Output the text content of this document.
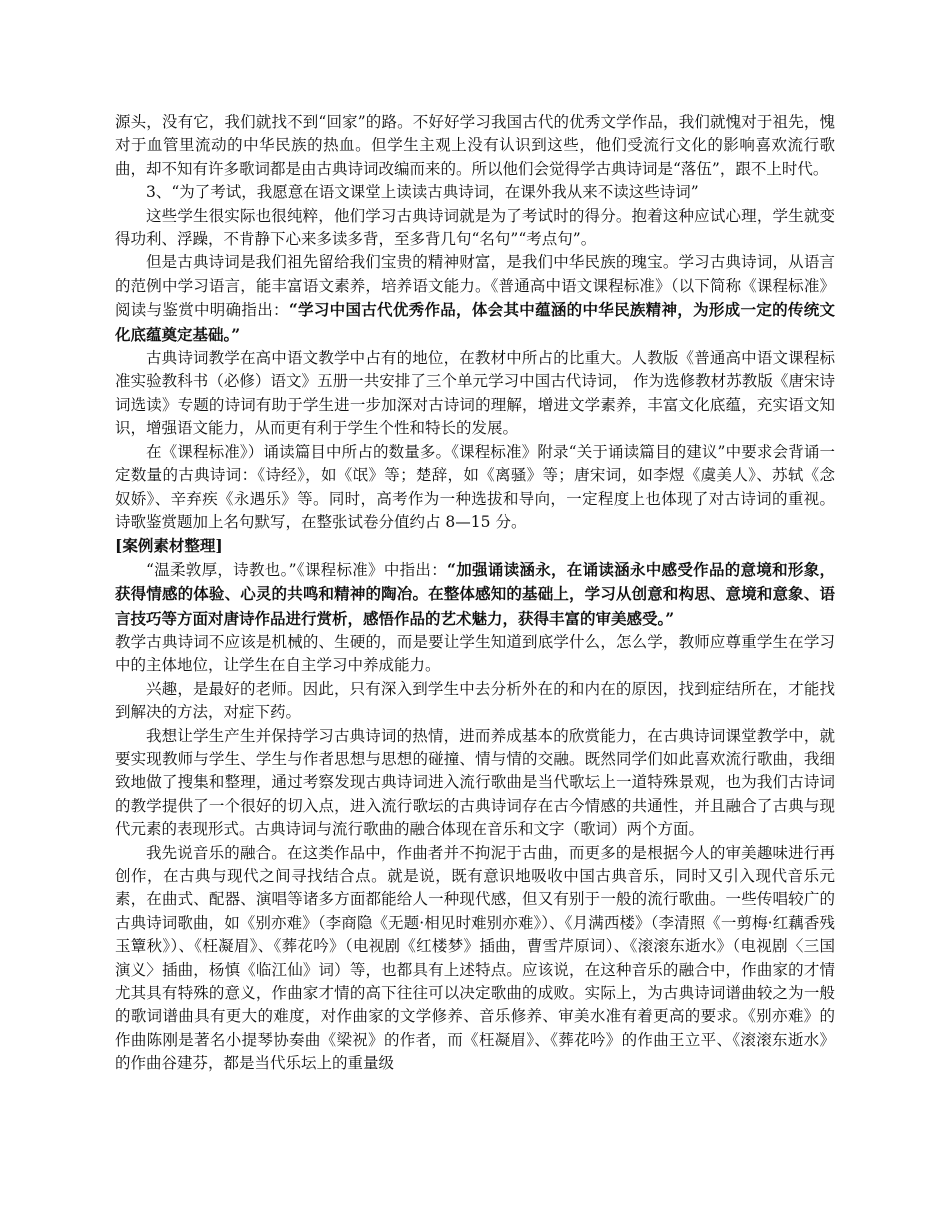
源头，没有它，我们就找不到“回家”的路。不好好学习我国古代的优秀文学作品，我们就愧对于祖先，愧对于血管里流动的中华民族的热血。但学生主观上没有认识到这些，他们受流行文化的影响喜欢流行歌曲，却不知有许多歌词都是由古典诗词改编而来的。所以他们会觉得学古典诗词是“落伍”，跟不上时代。

3、“为了考试，我愿意在语文课堂上读读古典诗词，在课外我从来不读这些诗词”

这些学生很实际也很纯粹，他们学习古典诗词就是为了考试时的得分。抱着这种应试心理，学生就变得功利、浮躁，不肯静下心来多读多背，至多背几句“名句”“考点句”。

但是古典诗词是我们祖先留给我们宝贵的精神财富，是我们中华民族的瑰宝。学习古典诗词，从语言的范例中学习语言，能丰富语文素养，培养语文能力。《普通高中语文课程标准》（以下简称《课程标准》阅读与鉴赏中明确指出：“学习中国古代优秀作品，体会其中蕴涵的中华民族精神，为形成一定的传统文化底蕴奠定基础。”

古典诗词教学在高中语文教学中占有的地位，在教材中所占的比重大。人教版《普通高中语文课程标准实验教科书（必修）语文》五册一共安排了三个单元学习中国古代诗词， 作为选修教材苏教版《唐宋诗词选读》专题的诗词有助于学生进一步加深对古诗词的理解，增进文学素养，丰富文化底蕴，充实语文知识，增强语文能力，从而更有利于学生个性和特长的发展。

在《课程标准》）诵读篇目中所占的数量多。《课程标准》附录“关于诵读篇目的建议”中要求会背诵一定数量的古典诗词：《诗经》，如《氓》等；楚辞，如《离骚》等；唐宋词，如李煜《虞美人》、苏轼《念奴娇》、辛弃疾《永遇乐》等。同时，高考作为一种选拔和导向，一定程度上也体现了对古诗词的重视。诗歌鉴赏题加上名句默写，在整张试卷分值约占 8—15 分。

[案例素材整理]

“温柔敦厚，诗教也。”《课程标准》中指出：“加强诵读涵永，在诵读涵永中感受作品的意境和形象，获得情感的体验、心灵的共鸣和精神的陶冶。在整体感知的基础上，学习从创意和构思、意境和意象、语言技巧等方面对唐诗作品进行赏析，感悟作品的艺术魅力，获得丰富的审美感受。”

教学古典诗词不应该是机械的、生硬的，而是要让学生知道到底学什么，怎么学，教师应尊重学生在学习中的主体地位，让学生在自主学习中养成能力。

兴趣，是最好的老师。因此，只有深入到学生中去分析外在的和内在的原因，找到症结所在，才能找到解决的方法，对症下药。

我想让学生产生并保持学习古典诗词的热情，进而养成基本的欣赏能力，在古典诗词课堂教学中，就要实现教师与学生、学生与作者思想与思想的碰撞、情与情的交融。既然同学们如此喜欢流行歌曲，我细致地做了搜集和整理，通过考察发现古典诗词进入流行歌曲是当代歌坛上一道特殊景观，也为我们古诗词的教学提供了一个很好的切入点，进入流行歌坛的古典诗词存在古今情感的共通性，并且融合了古典与现代元素的表现形式。古典诗词与流行歌曲的融合体现在音乐和文字（歌词）两个方面。

我先说音乐的融合。在这类作品中，作曲者并不拘泥于古曲，而更多的是根据今人的审美趣味进行再创作，在古典与现代之间寻找结合点。就是说，既有意识地吸收中国古典音乐，同时又引入现代音乐元素，在曲式、配器、演唱等诸多方面都能给人一种现代感，但又有别于一般的流行歌曲。一些传唱较广的古典诗词歌曲，如《别亦难》（李商隐《无题·相见时难别亦难》）、《月满西楼》（李清照《一剪梅·红藕香残玉簟秋》）、《枉凝眉》、《葬花吟》（电视剧《红楼梦》插曲，曹雪芹原词）、《滚滚东逝水》（电视剧〈三国演义〉插曲，杨慎《临江仙》词）等，也都具有上述特点。应该说，在这种音乐的融合中，作曲家的才情尤其具有特殊的意义，作曲家才情的高下往往可以决定歌曲的成败。实际上，为古典诗词谱曲较之为一般的歌词谱曲具有更大的难度，对作曲家的文学修养、音乐修养、审美水准有着更高的要求。《别亦难》的作曲陈刚是著名小提琴协奏曲《梁祝》的作者，而《枉凝眉》、《葬花吟》的作曲王立平、《滚滚东逝水》的作曲谷建芬，都是当代乐坛上的重量级
